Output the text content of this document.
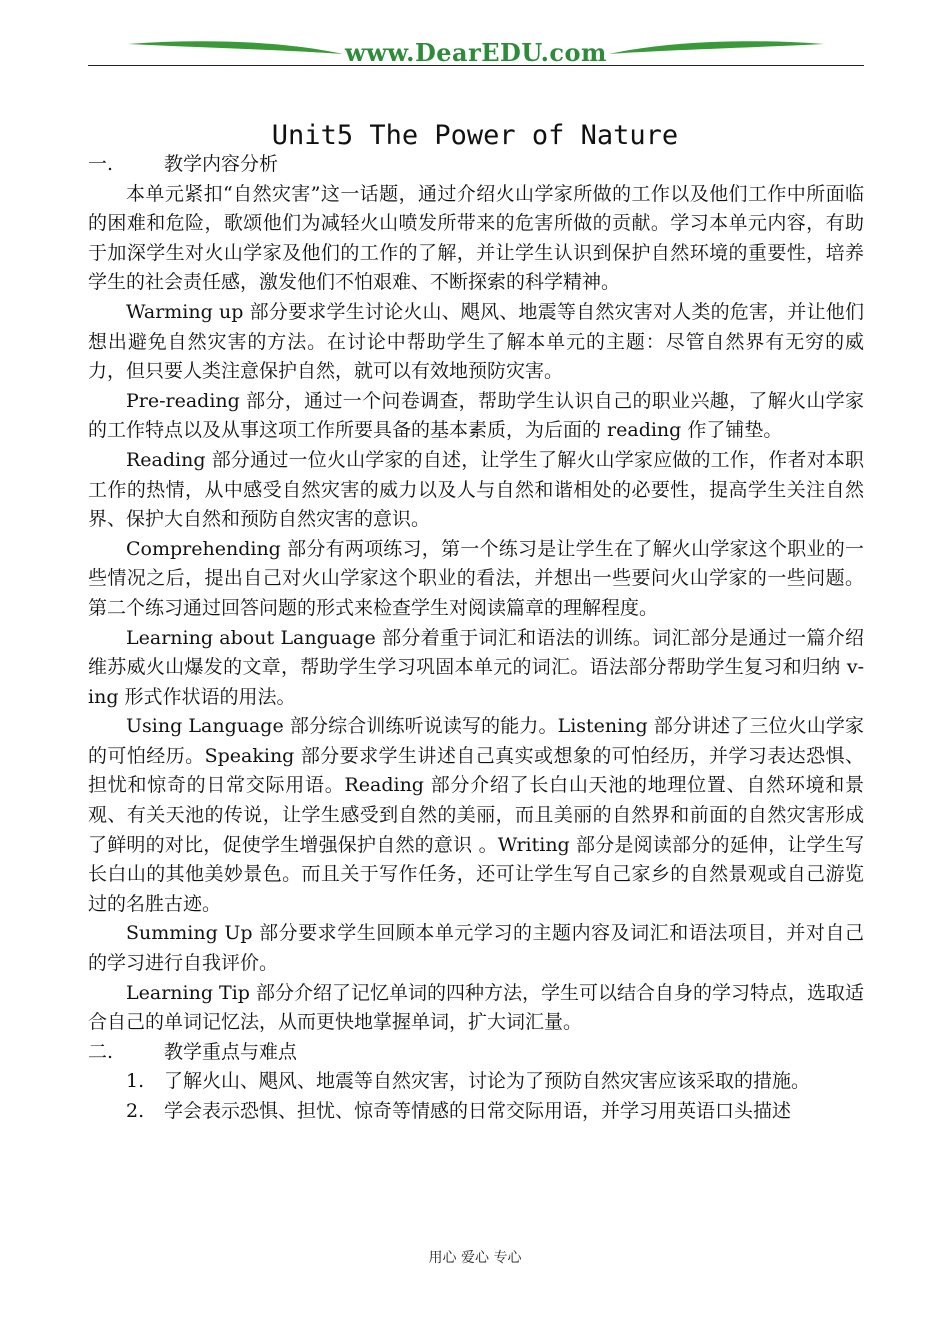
www.DearEDU.com
Unit5 The Power of Nature

一.	教学内容分析

本单元紧扣“自然灾害”这一话题，通过介绍火山学家所做的工作以及他们工作中所面临的困难和危险，歌颂他们为减轻火山喷发所带来的危害所做的贡献。学习本单元内容，有助于加深学生对火山学家及他们的工作的了解，并让学生认识到保护自然环境的重要性，培养学生的社会责任感，激发他们不怕艰难、不断探索的科学精神。

Warming up 部分要求学生讨论火山、飓风、地震等自然灾害对人类的危害，并让他们想出避免自然灾害的方法。在讨论中帮助学生了解本单元的主题：尽管自然界有无穷的威力，但只要人类注意保护自然，就可以有效地预防灾害。

Pre-reading 部分，通过一个问卷调查，帮助学生认识自己的职业兴趣，了解火山学家的工作特点以及从事这项工作所要具备的基本素质，为后面的 reading 作了铺垫。

Reading 部分通过一位火山学家的自述，让学生了解火山学家应做的工作，作者对本职工作的热情，从中感受自然灾害的威力以及人与自然和谐相处的必要性，提高学生关注自然界、保护大自然和预防自然灾害的意识。

Comprehending 部分有两项练习，第一个练习是让学生在了解火山学家这个职业的一些情况之后，提出自己对火山学家这个职业的看法，并想出一些要问火山学家的一些问题。第二个练习通过回答问题的形式来检查学生对阅读篇章的理解程度。

Learning about Language 部分着重于词汇和语法的训练。词汇部分是通过一篇介绍维苏威火山爆发的文章，帮助学生学习巩固本单元的词汇。语法部分帮助学生复习和归纳 v-ing 形式作状语的用法。

Using Language 部分综合训练听说读写的能力。Listening 部分讲述了三位火山学家的可怕经历。Speaking 部分要求学生讲述自己真实或想象的可怕经历，并学习表达恐惧、担忧和惊奇的日常交际用语。Reading 部分介绍了长白山天池的地理位置、自然环境和景观、有关天池的传说，让学生感受到自然的美丽，而且美丽的自然界和前面的自然灾害形成了鲜明的对比，促使学生增强保护自然的意识 。Writing 部分是阅读部分的延伸，让学生写长白山的其他美妙景色。而且关于写作任务，还可让学生写自己家乡的自然景观或自己游览过的名胜古迹。

Summing Up 部分要求学生回顾本单元学习的主题内容及词汇和语法项目，并对自己的学习进行自我评价。

Learning Tip 部分介绍了记忆单词的四种方法，学生可以结合自身的学习特点，选取适合自己的单词记忆法，从而更快地掌握单词，扩大词汇量。

二.	教学重点与难点

1. 了解火山、飓风、地震等自然灾害，讨论为了预防自然灾害应该采取的措施。

2. 学会表示恐惧、担忧、惊奇等情感的日常交际用语，并学习用英语口头描述

用心 爱心 专心
